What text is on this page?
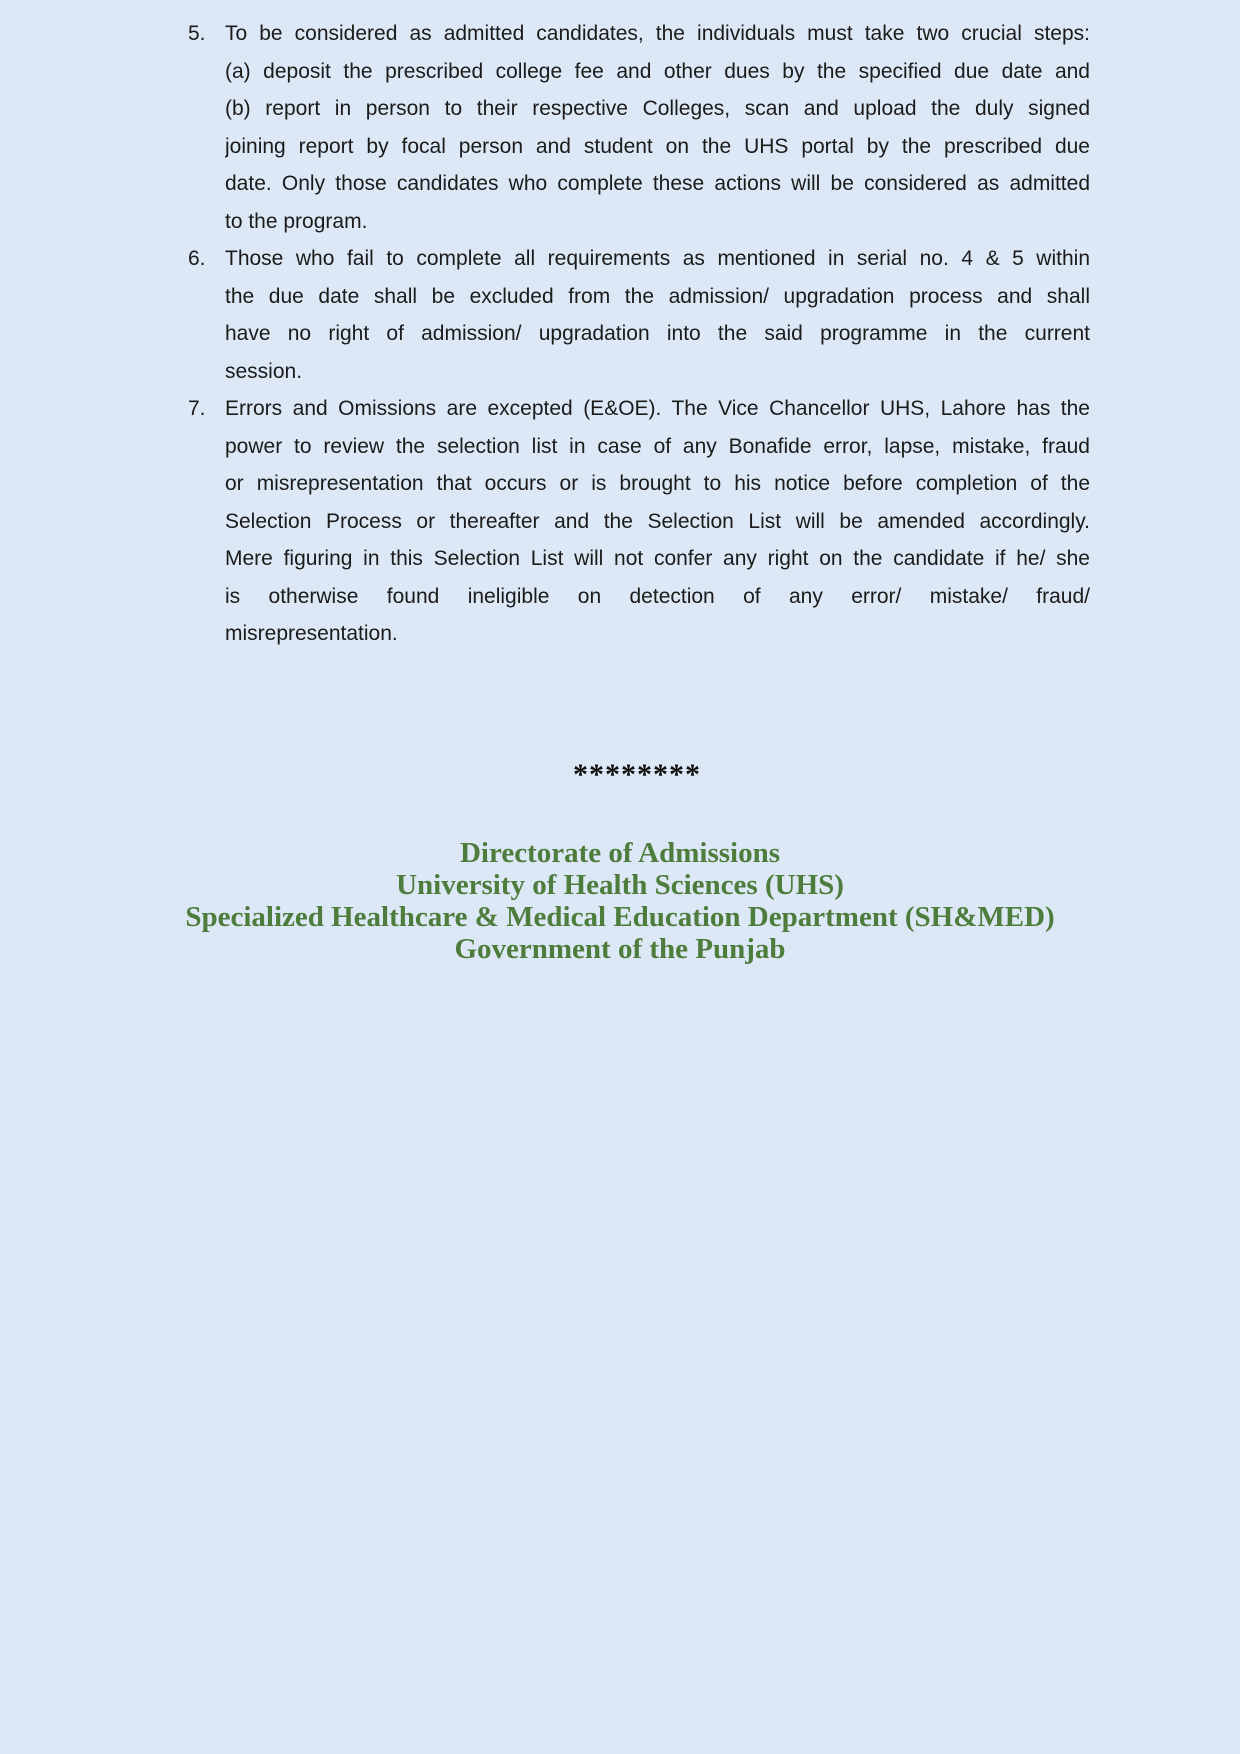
5. To be considered as admitted candidates, the individuals must take two crucial steps:
(a) deposit the prescribed college fee and other dues by the specified due date and
(b) report in person to their respective Colleges, scan and upload the duly signed
joining report by focal person and student on the UHS portal by the prescribed due
date. Only those candidates who complete these actions will be considered as admitted
to the program.
6. Those who fail to complete all requirements as mentioned in serial no. 4 & 5 within
the due date shall be excluded from the admission/ upgradation process and shall
have no right of admission/ upgradation into the said programme in the current
session.
7. Errors and Omissions are excepted (E&OE). The Vice Chancellor UHS, Lahore has the
power to review the selection list in case of any Bonafide error, lapse, mistake, fraud
or misrepresentation that occurs or is brought to his notice before completion of the
Selection Process or thereafter and the Selection List will be amended accordingly.
Mere figuring in this Selection List will not confer any right on the candidate if he/ she
is otherwise found ineligible on detection of any error/ mistake/ fraud/
misrepresentation.
********
Directorate of Admissions
University of Health Sciences (UHS)
Specialized Healthcare & Medical Education Department (SH&MED)
Government of the Punjab
